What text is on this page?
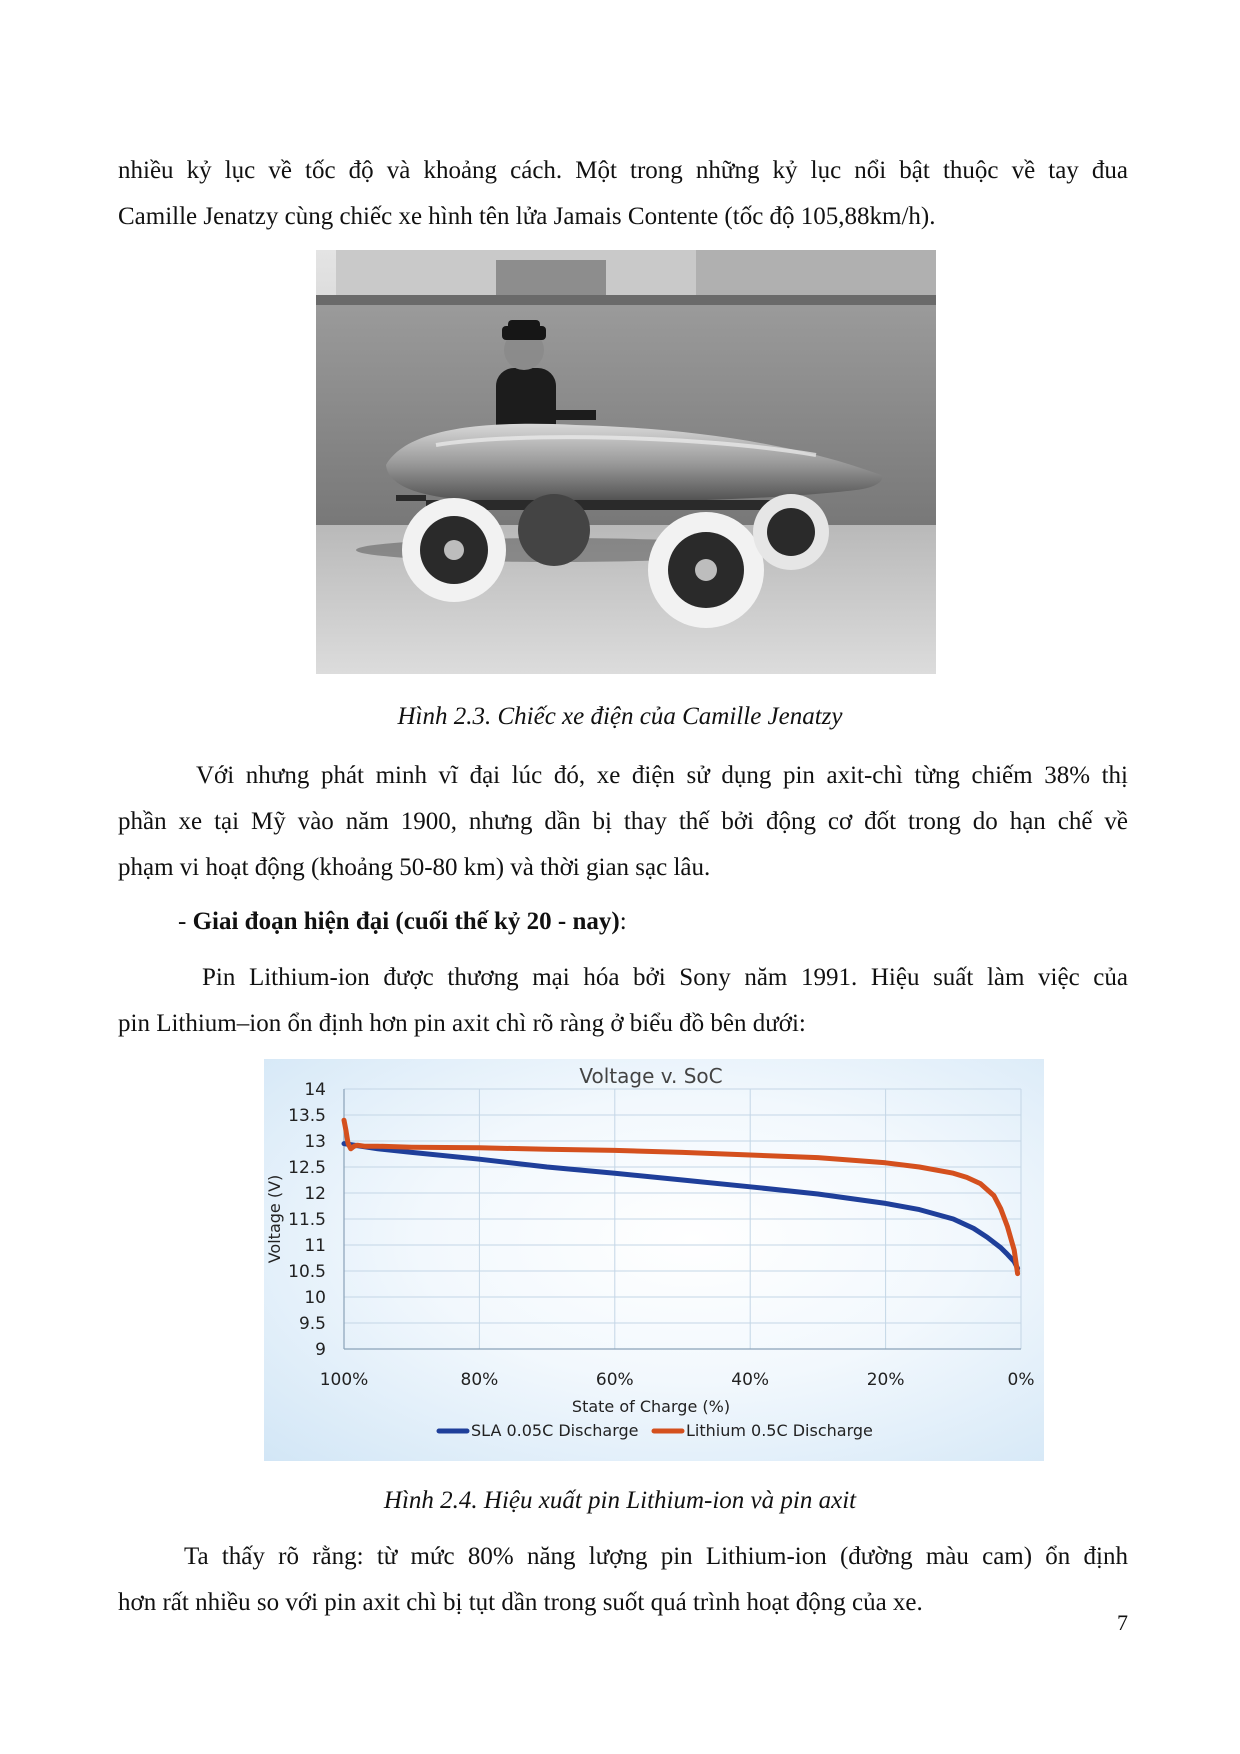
nhiều kỷ lục về tốc độ và khoảng cách. Một trong những kỷ lục nổi bật thuộc về tay đua
Camille Jenatzy cùng chiếc xe hình tên lửa Jamais Contente (tốc độ 105,88km/h).

Hình 2.3. Chiếc xe điện của Camille Jenatzy

Với nhưng phát minh vĩ đại lúc đó, xe điện sử dụng pin axit-chì từng chiếm 38% thị
phần xe tại Mỹ vào năm 1900, nhưng dần bị thay thế bởi động cơ đốt trong do hạn chế về
phạm vi hoạt động (khoảng 50-80 km) và thời gian sạc lâu.

- Giai đoạn hiện đại (cuối thế kỷ 20 - nay):

Pin Lithium-ion được thương mại hóa bởi Sony năm 1991. Hiệu suất làm việc của
pin Lithium–ion ổn định hơn pin axit chì rõ ràng ở biểu đồ bên dưới:

14
13.5
13
12.5
12
11.5
11
10.5
10
9.5
9
100%	80%	60%	40%	20%	0%
Voltage v. SoC
State of Charge (%)
Voltage (V)
SLA 0.05C Discharge	Lithium 0.5C Discharge

Hình 2.4. Hiệu xuất pin Lithium-ion và pin axit

Ta thấy rõ rằng: từ mức 80% năng lượng pin Lithium-ion (đường màu cam) ổn định
hơn rất nhiều so với pin axit chì bị tụt dần trong suốt quá trình hoạt động của xe.

7
